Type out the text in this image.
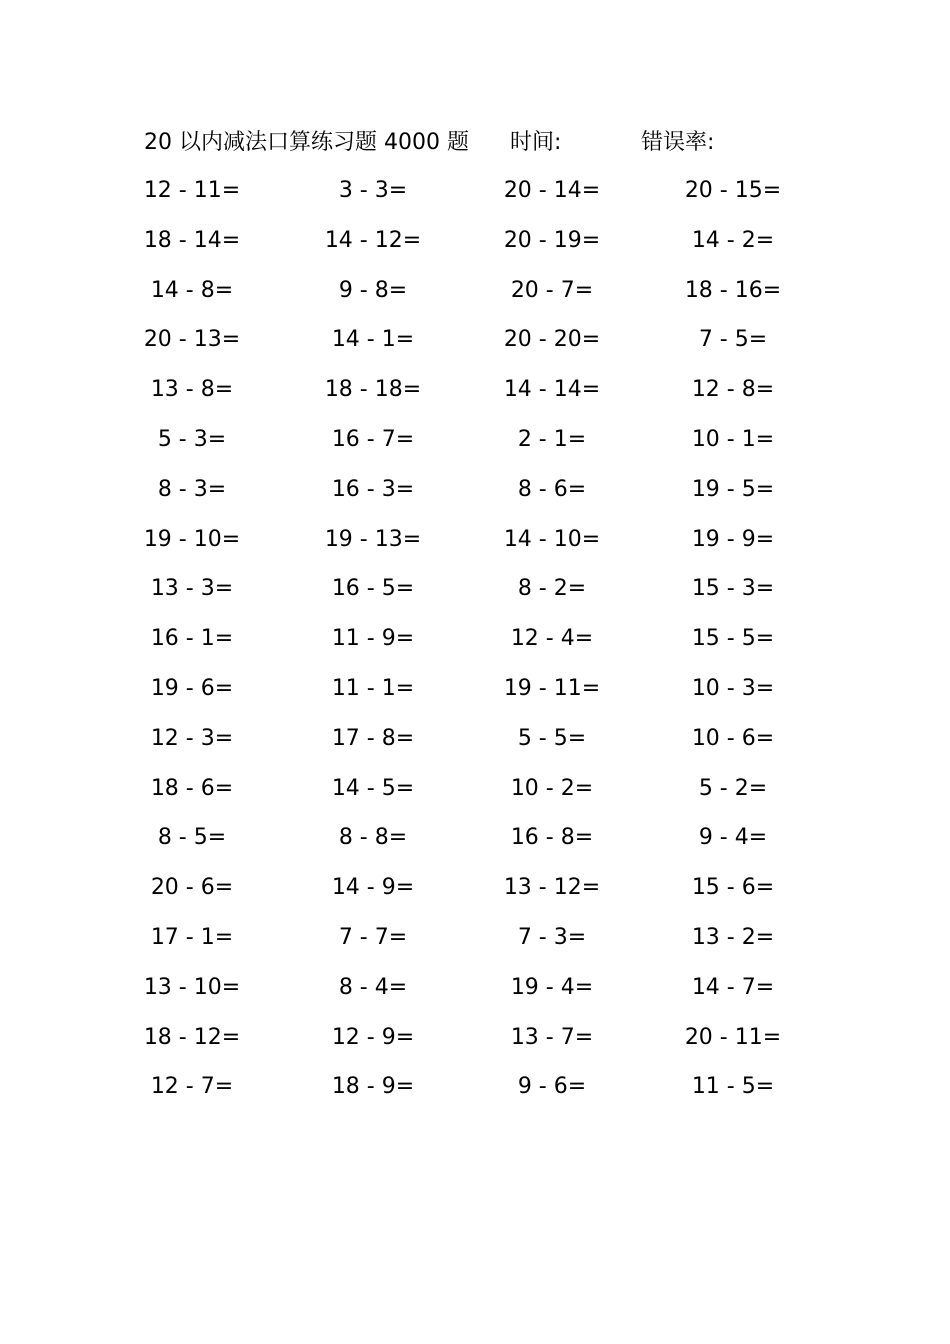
20 以内减法口算练习题 4000 题 时间:	错误率:
12 - 11=	3 - 3=	20 - 14=	20 - 15=
18 - 14=	14 - 12=	20 - 19=	14 - 2=
14 - 8=	9 - 8=	20 - 7=	18 - 16=
20 - 13=	14 - 1=	20 - 20=	7 - 5=
13 - 8=	18 - 18=	14 - 14=	12 - 8=
5 - 3=	16 - 7=	2 - 1=	10 - 1=
8 - 3=	16 - 3=	8 - 6=	19 - 5=
19 - 10=	19 - 13=	14 - 10=	19 - 9=
13 - 3=	16 - 5=	8 - 2=	15 - 3=
16 - 1=	11 - 9=	12 - 4=	15 - 5=
19 - 6=	11 - 1=	19 - 11=	10 - 3=
12 - 3=	17 - 8=	5 - 5=	10 - 6=
18 - 6=	14 - 5=	10 - 2=	5 - 2=
8 - 5=	8 - 8=	16 - 8=	9 - 4=
20 - 6=	14 - 9=	13 - 12=	15 - 6=
17 - 1=	7 - 7=	7 - 3=	13 - 2=
13 - 10=	8 - 4=	19 - 4=	14 - 7=
18 - 12=	12 - 9=	13 - 7=	20 - 11=
12 - 7=	18 - 9=	9 - 6=	11 - 5=
